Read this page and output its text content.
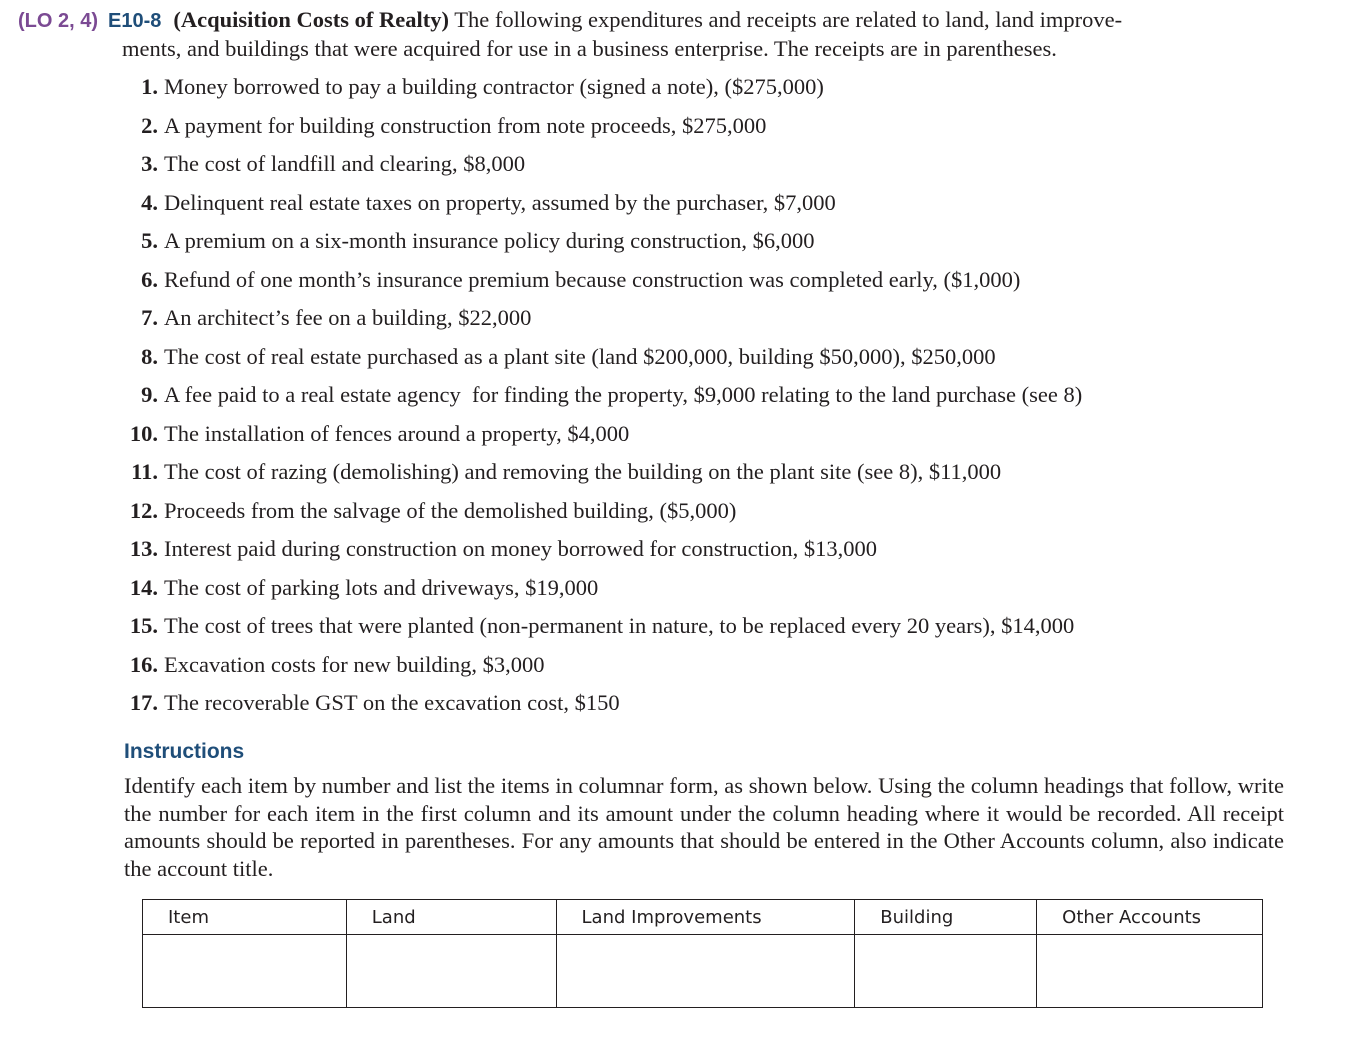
(LO 2, 4) E10-8 (Acquisition Costs of Realty) The following expenditures and receipts are related to land, land improve-
ments, and buildings that were acquired for use in a business enterprise. The receipts are in parentheses.
1. Money borrowed to pay a building contractor (signed a note), ($275,000)
2. A payment for building construction from note proceeds, $275,000
3. The cost of landfill and clearing, $8,000
4. Delinquent real estate taxes on property, assumed by the purchaser, $7,000
5. A premium on a six-month insurance policy during construction, $6,000
6. Refund of one month’s insurance premium because construction was completed early, ($1,000)
7. An architect’s fee on a building, $22,000
8. The cost of real estate purchased as a plant site (land $200,000, building $50,000), $250,000
9. A fee paid to a real estate agency  for finding the property, $9,000 relating to the land purchase (see 8)
10. The installation of fences around a property, $4,000
11. The cost of razing (demolishing) and removing the building on the plant site (see 8), $11,000
12. Proceeds from the salvage of the demolished building, ($5,000)
13. Interest paid during construction on money borrowed for construction, $13,000
14. The cost of parking lots and driveways, $19,000
15. The cost of trees that were planted (non-permanent in nature, to be replaced every 20 years), $14,000
16. Excavation costs for new building, $3,000
17. The recoverable GST on the excavation cost, $150
Instructions
Identify each item by number and list the items in columnar form, as shown below. Using the column headings that follow, write the number for each item in the first column and its amount under the column heading where it would be recorded. All receipt amounts should be reported in parentheses. For any amounts that should be entered in the Other Accounts column, also indicate the account title.
Item	Land	Land Improvements	Building	Other Accounts
